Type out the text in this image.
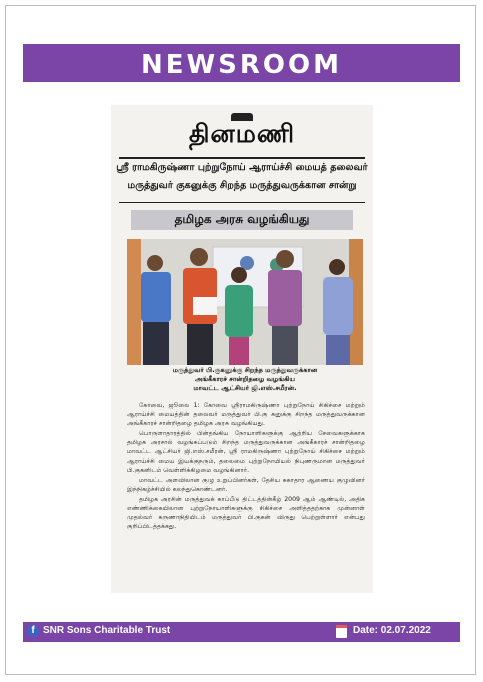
NEWSROOM
தினமணி
ஸ்ரீ ராமகிருஷ்ணா புற்றுநோய் ஆராய்ச்சி மையத் தலைவர்
மருத்துவர் குகனுக்கு சிறந்த மருத்துவருக்கான சான்று
தமிழக அரசு வழங்கியது
மருத்துவர் பி.குகனுக்கு சிறந்த மருத்துவருக்கான
அங்கீகாரச் சான்றிதழை வழங்கிய
மாவட்ட ஆட்சியர் ஜி.எஸ்.சமீரன்.

கோவை, ஜூலை 1: கோவை ஸ்ரீராமகிருஷ்ணா புற்றுநோய் சிகிச்சை மற்றும் ஆராய்ச்சி மையத்தின் தலைவர் மருத்துவர் பி.கு கனுக்கு சிறந்த மருத்துவருக்கான அங்கீகாரச் சான்றிதழை தமிழக அரசு வழங்கியது.

பொருளாதாரத்தில் பின்தங்கிய நோயாளிகளுக்கு ஆற்றிய சேவைகளுக்காக தமிழக அரசால் வழங்கப்படும் சிறந்த மருத்துவருக்கான அங்கீகாரச் சான்றிதழை மாவட்ட ஆட்சியர் ஜி.எஸ்.சமீரன், ஸ்ரீ ராமகிருஷ்ணா புற்றுநோய் சிகிச்சை மற்றும் ஆராய்ச்சி மைய இயக்குநரும், தலைமை புற்றுநோயியல் நிபுணருமான மருத்துவர் பி.குகனிடம் வெள்ளிக்கிழமை வழங்கினார்.

மாவட்ட அளவிலான குழு உறுப்பினர்கள், தேசிய சுகாதார ஆணைய குழுவினர் இந்நிகழ்ச்சியில் கலந்துகொண்டனர்.

தமிழக அரசின் மருத்துவக் காப்பீடு திட்டத்தின்கீழ் 2009 ஆம் ஆண்டில், அதிக எண்ணிக்கையிலான புற்றுநோயாளிகளுக்கு சிகிச்சை அளித்ததற்காக முன்னாள் முதல்வர் கருணாநிதியிடம் மருத்துவர் பி.குகன் விருது பெற்றுள்ளார் என்பது குறிப்பிடத்தக்கது.

f SNR Sons Charitable Trust	Date: 02.07.2022
